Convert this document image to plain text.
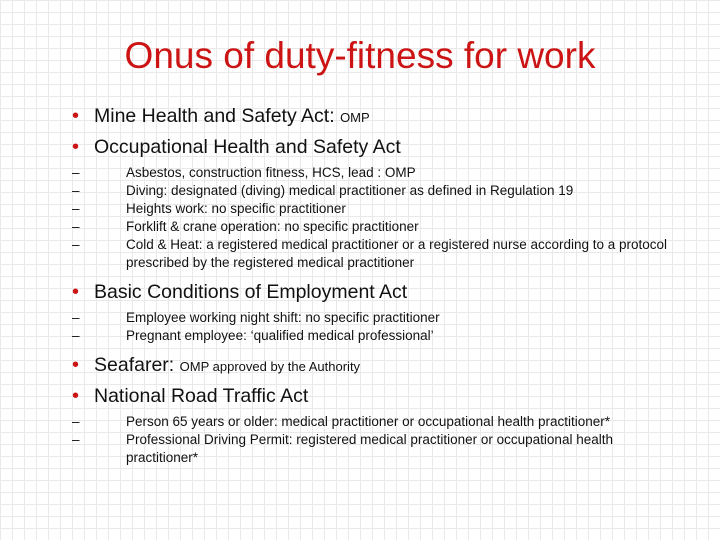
Onus of duty-fitness for work
• Mine Health and Safety Act: OMP
• Occupational Health and Safety Act
–	Asbestos, construction fitness, HCS, lead : OMP
–	Diving: designated (diving) medical practitioner as defined in Regulation 19
–	Heights work: no specific practitioner
–	Forklift & crane operation: no specific practitioner
–	Cold & Heat: a registered medical practitioner or a registered nurse according to a protocol prescribed by the registered medical practitioner
• Basic Conditions of Employment Act
–	Employee working night shift: no specific practitioner
–	Pregnant employee: ‘qualified medical professional’
• Seafarer: OMP approved by the Authority
• National Road Traffic Act
–	Person 65 years or older: medical practitioner or occupational health practitioner*
–	Professional Driving Permit: registered medical practitioner or occupational health practitioner*
